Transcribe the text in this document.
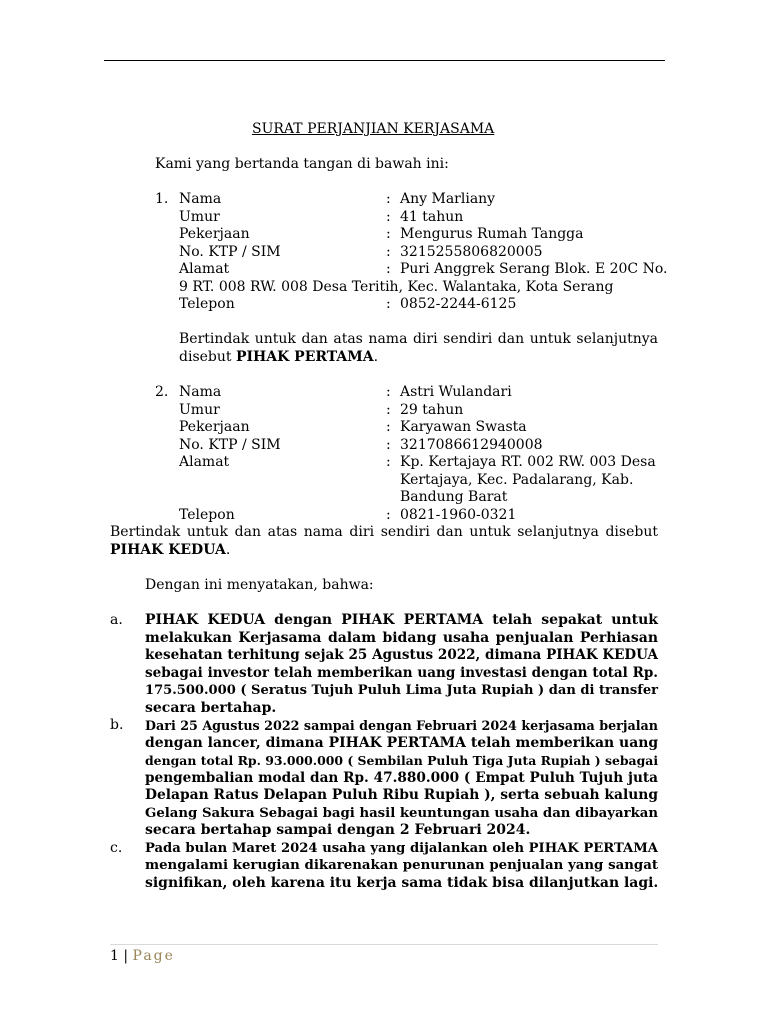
SURAT PERJANJIAN KERJASAMA
Kami yang bertanda tangan di bawah ini:
1. Nama	: Any Marliany
Umur	: 41 tahun
Pekerjaan	: Mengurus Rumah Tangga
No. KTP / SIM	: 3215255806820005
Alamat	: Puri Anggrek Serang Blok. E 20C No.
9 RT. 008 RW. 008 Desa Teritih, Kec. Walantaka, Kota Serang
Telepon	: 0852-2244-6125
Bertindak untuk dan atas nama diri sendiri dan untuk selanjutnya
disebut PIHAK PERTAMA.
2. Nama	: Astri Wulandari
Umur	: 29 tahun
Pekerjaan	: Karyawan Swasta
No. KTP / SIM	: 3217086612940008
Alamat	: Kp. Kertajaya RT. 002 RW. 003 Desa
Kertajaya, Kec. Padalarang, Kab.
Bandung Barat
Telepon	: 0821-1960-0321
Bertindak untuk dan atas nama diri sendiri dan untuk selanjutnya disebut
PIHAK KEDUA.
Dengan ini menyatakan, bahwa:
a. PIHAK KEDUA dengan PIHAK PERTAMA telah sepakat untuk
melakukan Kerjasama dalam bidang usaha penjualan Perhiasan
kesehatan terhitung sejak 25 Agustus 2022, dimana PIHAK KEDUA
sebagai investor telah memberikan uang investasi dengan total Rp.
175.500.000 ( Seratus Tujuh Puluh Lima Juta Rupiah ) dan di transfer
secara bertahap.
b. Dari 25 Agustus 2022 sampai dengan Februari 2024 kerjasama berjalan
dengan lancer, dimana PIHAK PERTAMA telah memberikan uang
dengan total Rp. 93.000.000 ( Sembilan Puluh Tiga Juta Rupiah ) sebagai
pengembalian modal dan Rp. 47.880.000 ( Empat Puluh Tujuh juta
Delapan Ratus Delapan Puluh Ribu Rupiah ), serta sebuah kalung
Gelang Sakura Sebagai bagi hasil keuntungan usaha dan dibayarkan
secara bertahap sampai dengan 2 Februari 2024.
c. Pada bulan Maret 2024 usaha yang dijalankan oleh PIHAK PERTAMA
mengalami kerugian dikarenakan penurunan penjualan yang sangat
signifikan, oleh karena itu kerja sama tidak bisa dilanjutkan lagi.
1 | Page
